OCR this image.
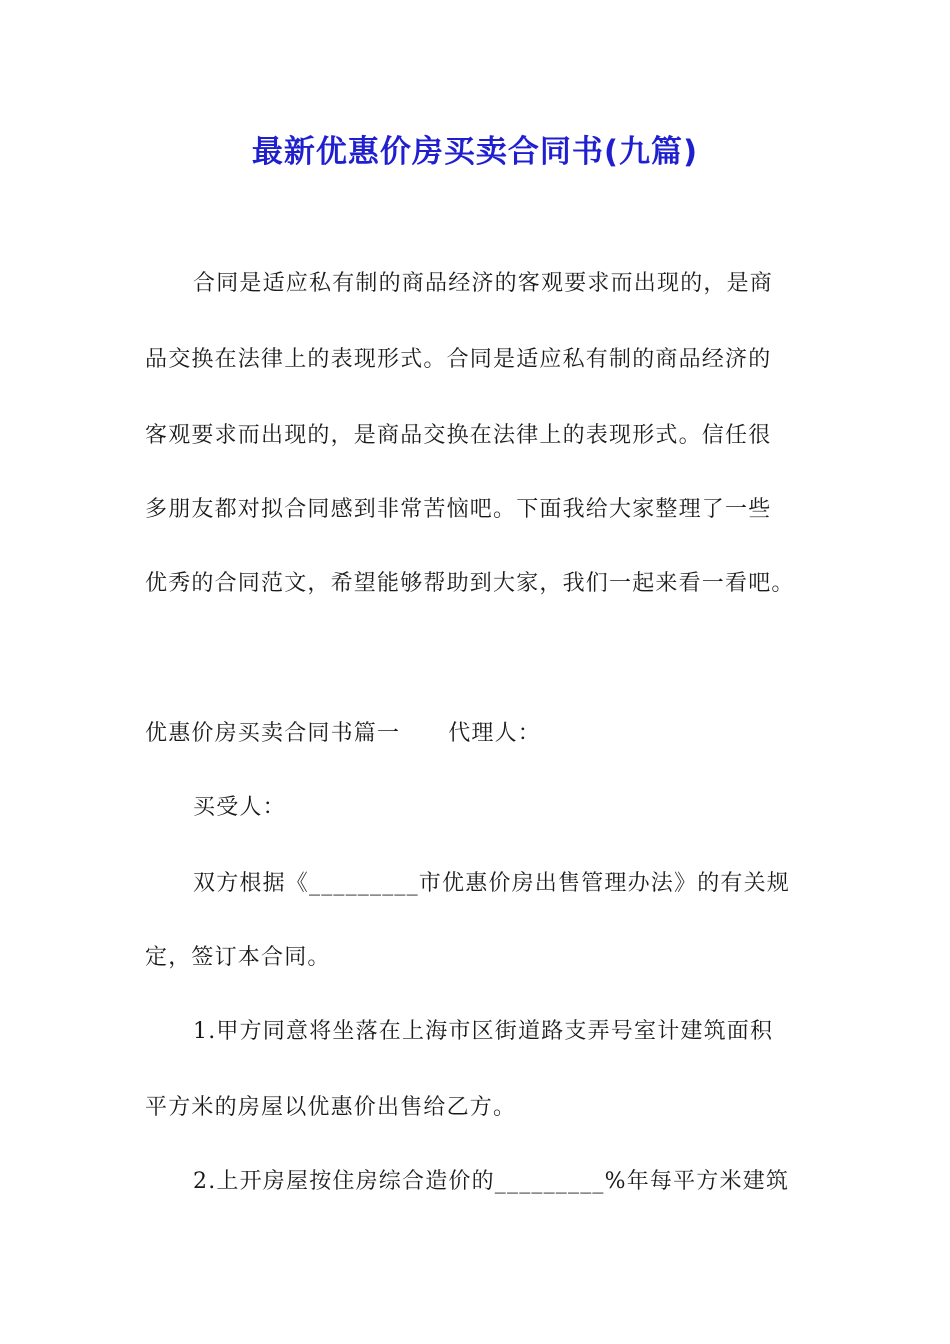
最新优惠价房买卖合同书(九篇)
合同是适应私有制的商品经济的客观要求而出现的，是商
品交换在法律上的表现形式。合同是适应私有制的商品经济的
客观要求而出现的，是商品交换在法律上的表现形式。信任很
多朋友都对拟合同感到非常苦恼吧。下面我给大家整理了一些
优秀的合同范文，希望能够帮助到大家，我们一起来看一看吧。
优惠价房买卖合同书篇一 代理人：
买受人：
双方根据《_________市优惠价房出售管理办法》的有关规
定，签订本合同。
1.甲方同意将坐落在上海市区街道路支弄号室计建筑面积
平方米的房屋以优惠价出售给乙方。
2.上开房屋按住房综合造价的_________%年每平方米建筑
